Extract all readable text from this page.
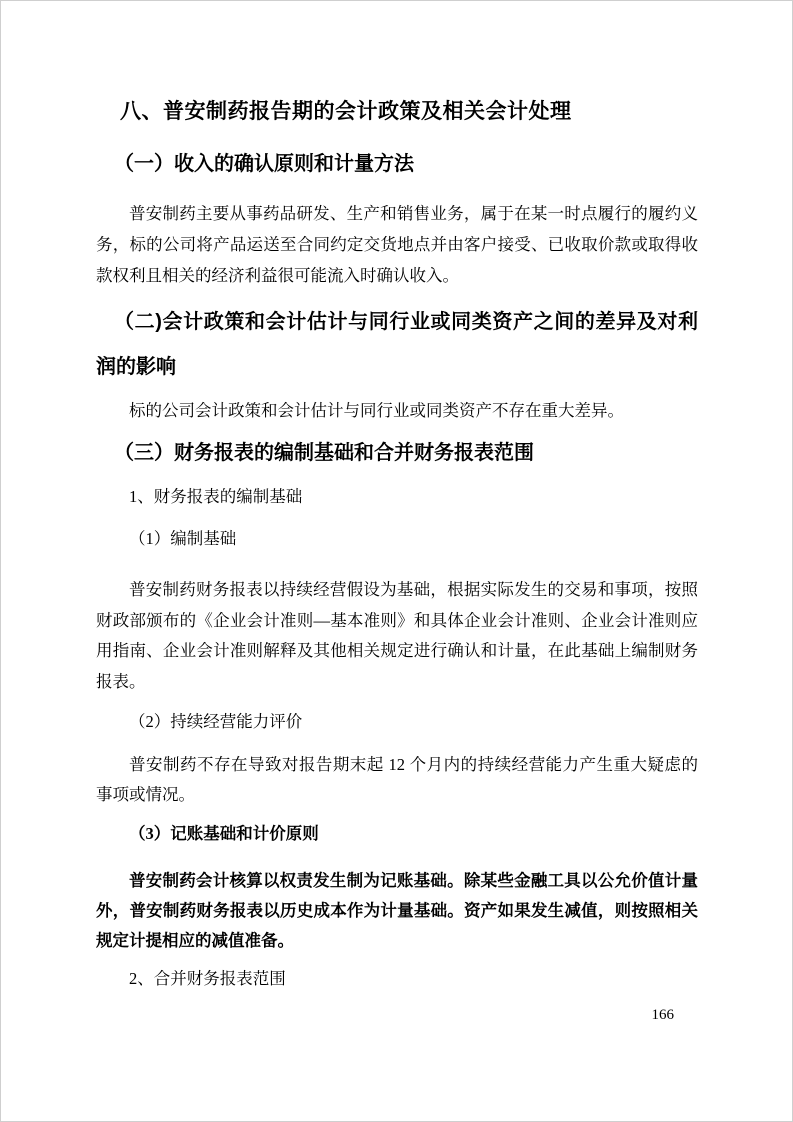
八、普安制药报告期的会计政策及相关会计处理
（一）收入的确认原则和计量方法
普安制药主要从事药品研发、生产和销售业务，属于在某一时点履行的履约义务，标的公司将产品运送至合同约定交货地点并由客户接受、已收取价款或取得收款权利且相关的经济利益很可能流入时确认收入。
（二)会计政策和会计估计与同行业或同类资产之间的差异及对利润的影响
标的公司会计政策和会计估计与同行业或同类资产不存在重大差异。
（三）财务报表的编制基础和合并财务报表范围
1、财务报表的编制基础
（1）编制基础
普安制药财务报表以持续经营假设为基础，根据实际发生的交易和事项，按照财政部颁布的《企业会计准则—基本准则》和具体企业会计准则、企业会计准则应用指南、企业会计准则解释及其他相关规定进行确认和计量，在此基础上编制财务报表。
（2）持续经营能力评价
普安制药不存在导致对报告期末起 12 个月内的持续经营能力产生重大疑虑的事项或情况。
（3）记账基础和计价原则
普安制药会计核算以权责发生制为记账基础。除某些金融工具以公允价值计量外，普安制药财务报表以历史成本作为计量基础。资产如果发生减值，则按照相关规定计提相应的减值准备。
2、合并财务报表范围
166
